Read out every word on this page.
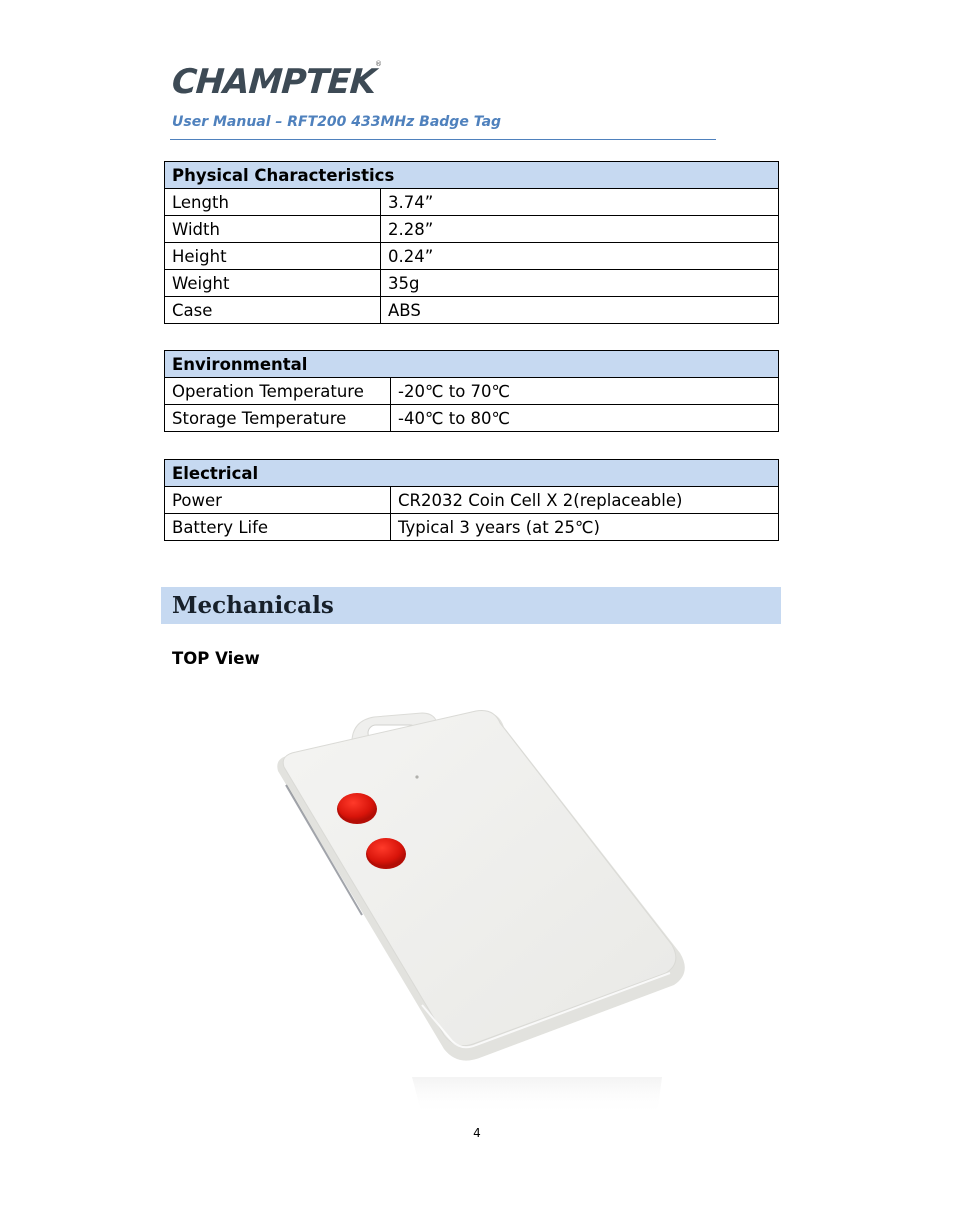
CHAMPTEK
®
User Manual – RFT200 433MHz Badge Tag
Physical Characteristics	
Length	3.74”
Width	2.28”
Height	0.24”
Weight	35g
Case	ABS
Environmental	
Operation Temperature	-20℃ to 70℃
Storage Temperature	-40℃ to 80℃
Electrical	
Power	CR2032 Coin Cell X 2(replaceable)
Battery Life	Typical 3 years (at 25℃)
Mechanicals
TOP View
4
